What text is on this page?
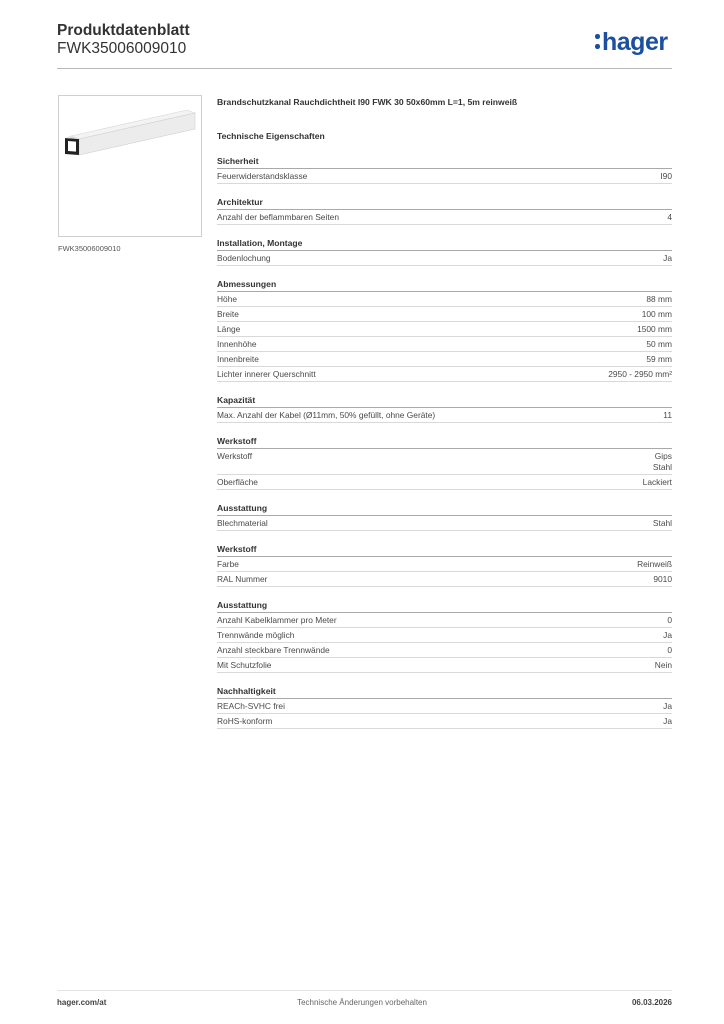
Produktdatenblatt
FWK35006009010	hager
FWK35006009010
Brandschutzkanal Rauchdichtheit I90 FWK 30 50x60mm L=1, 5m reinweiß
Technische Eigenschaften
Sicherheit
Feuerwiderstandsklasse	I90
Architektur
Anzahl der beflammbaren Seiten	4
Installation, Montage
Bodenlochung	Ja
Abmessungen
Höhe	88 mm
Breite	100 mm
Länge	1500 mm
Innenhöhe	50 mm
Innenbreite	59 mm
Lichter innerer Querschnitt	2950 - 2950 mm²
Kapazität
Max. Anzahl der Kabel (Ø11mm, 50% gefüllt, ohne Geräte)	11
Werkstoff
Werkstoff	Gips
Stahl
Oberfläche	Lackiert
Ausstattung
Blechmaterial	Stahl
Werkstoff
Farbe	Reinweiß
RAL Nummer	9010
Ausstattung
Anzahl Kabelklammer pro Meter	0
Trennwände möglich	Ja
Anzahl steckbare Trennwände	0
Mit Schutzfolie	Nein
Nachhaltigkeit
REACh-SVHC frei	Ja
RoHS-konform	Ja
hager.com/at	Technische Änderungen vorbehalten	06.03.2026
